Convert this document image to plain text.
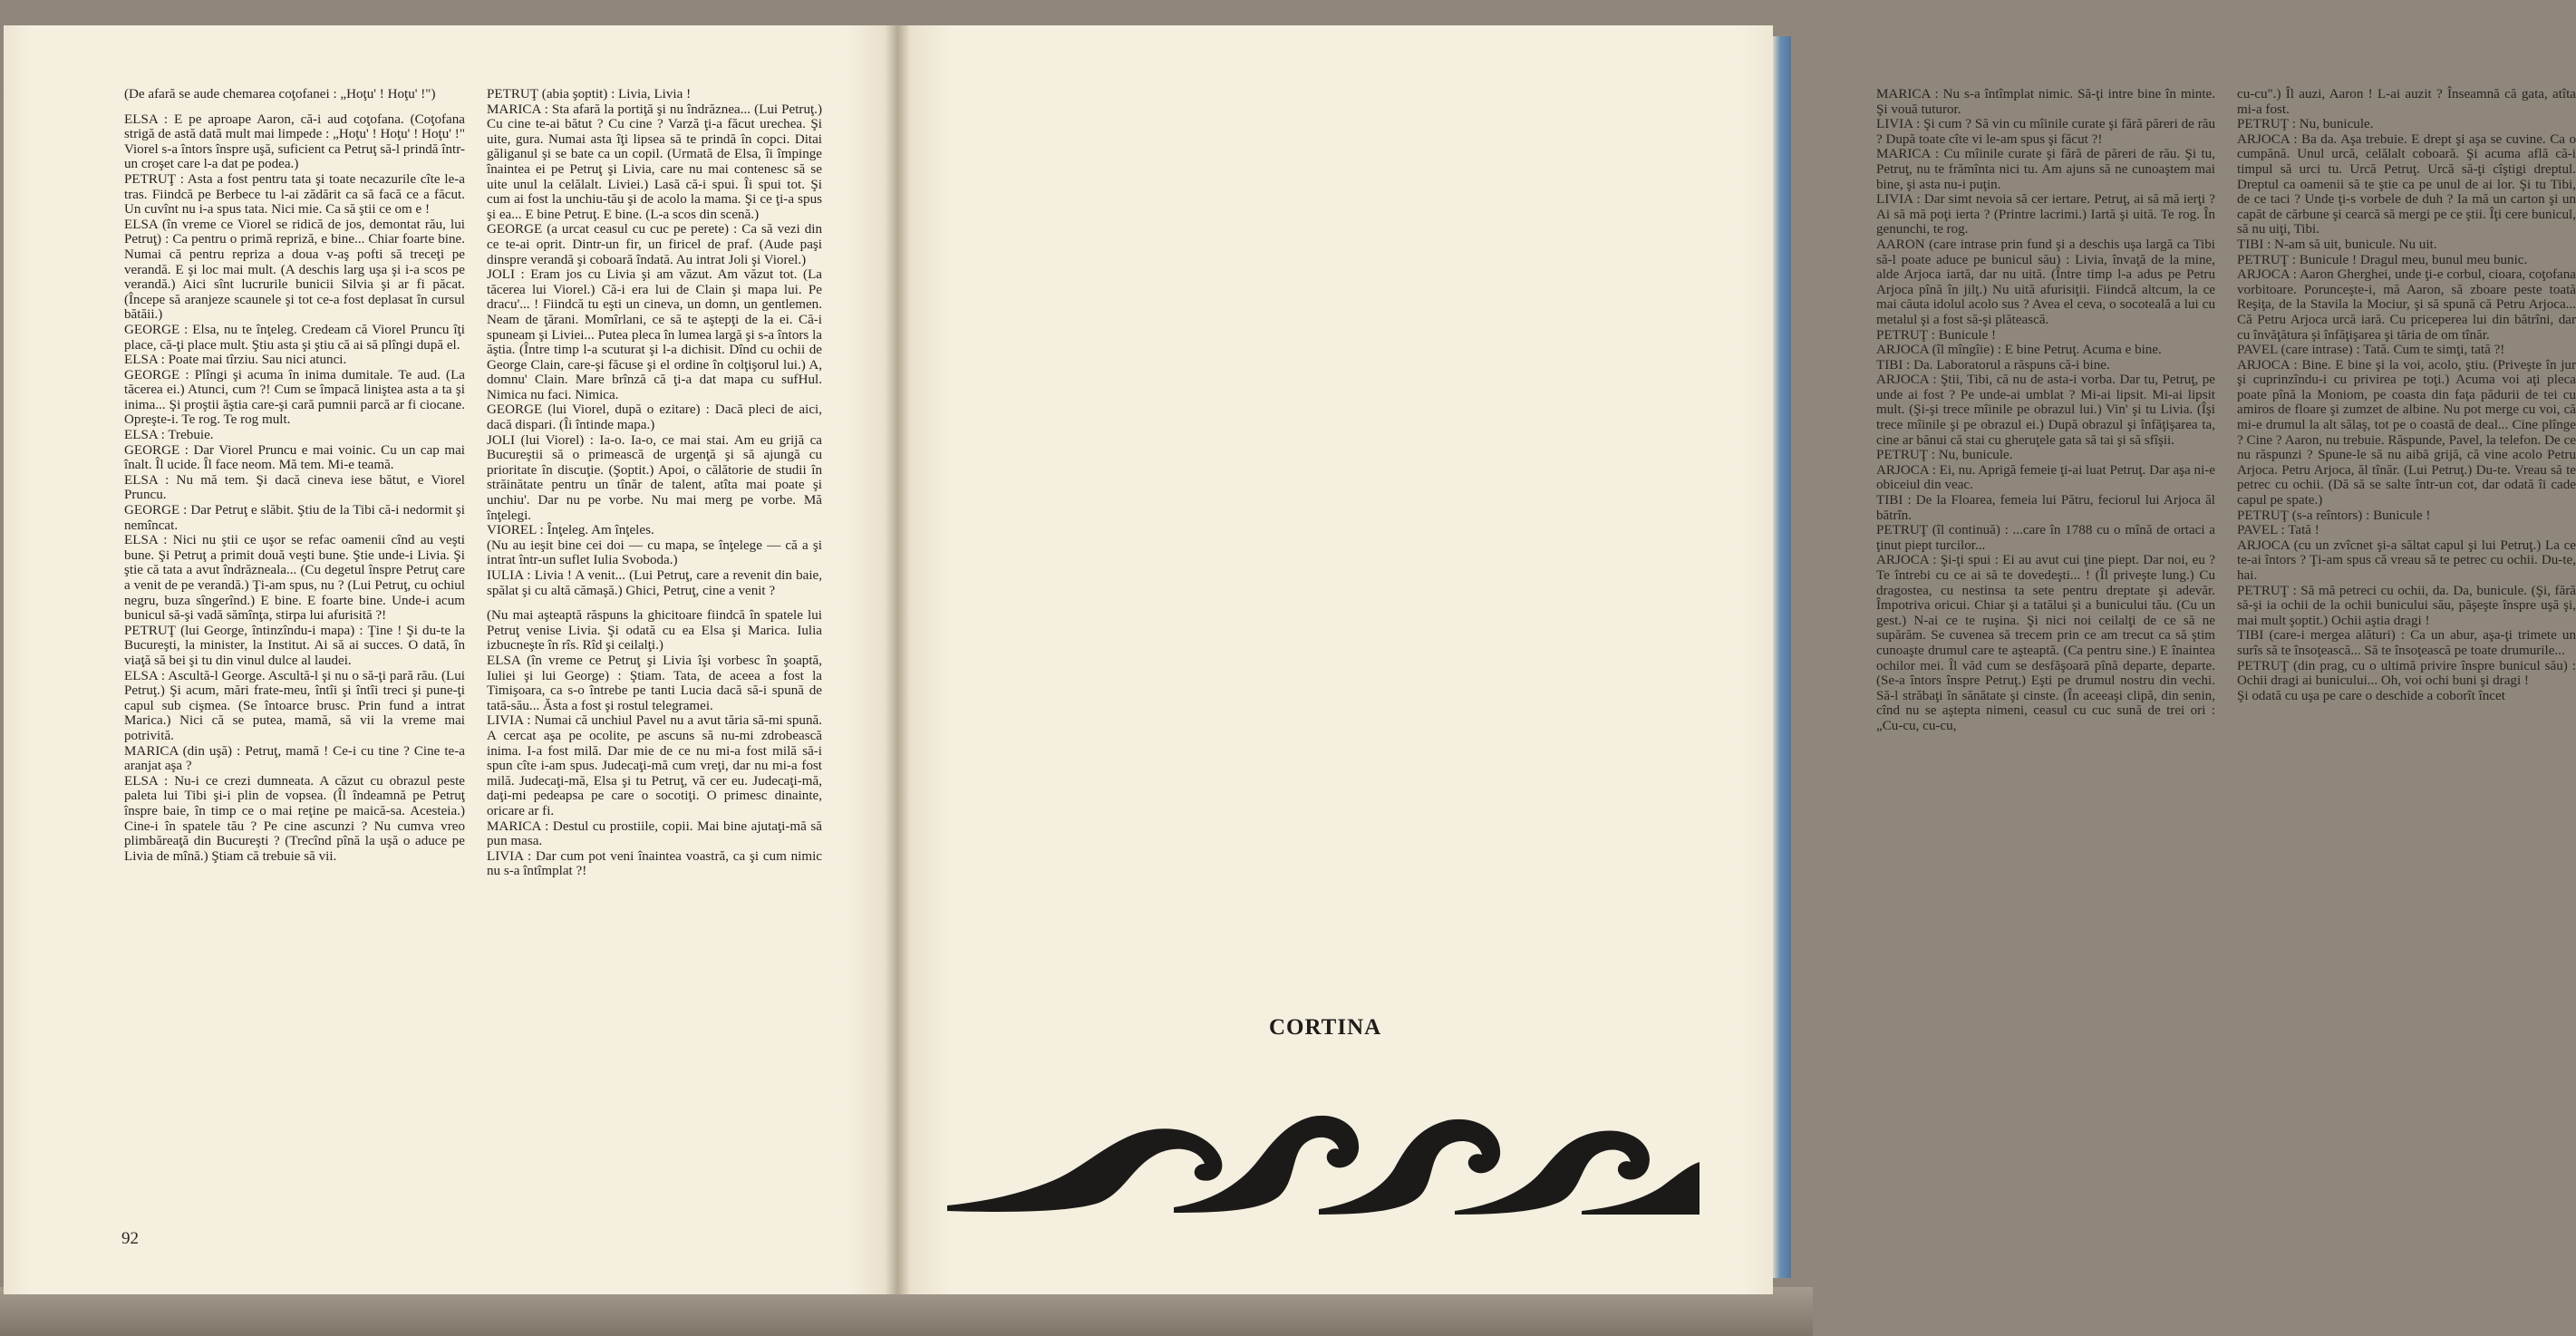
(De afară se aude chemarea coţofanei : „Hoţu' ! Hoţu' !")

ELSA : E pe aproape Aaron, că-i aud coţofana. (Coţofana strigă de astă dată mult mai limpede : „Hoţu' ! Hoţu' ! Hoţu' !" Viorel s-a întors înspre uşă, suficient ca Petruţ să-l prindă într-un croşet care l-a dat pe podea.)

PETRUŢ : Asta a fost pentru tata şi toate necazurile cîte le-a tras. Fiindcă pe Berbece tu l-ai zădărit ca să facă ce a făcut. Un cuvînt nu i-a spus tata. Nici mie. Ca să ştii ce om e !

ELSA (în vreme ce Viorel se ridică de jos, demontat rău, lui Petruţ) : Ca pentru o primă repriză, e bine... Chiar foarte bine. Numai că pentru repriza a doua v-aş pofti să treceţi pe verandă. E şi loc mai mult. (A deschis larg uşa şi i-a scos pe verandă.) Aici sînt lucrurile bunicii Silvia şi ar fi păcat. (Începe să aranjeze scaunele şi tot ce-a fost deplasat în cursul bătăii.)

GEORGE : Elsa, nu te înţeleg. Credeam că Viorel Pruncu îţi place, că-ţi place mult. Ştiu asta şi ştiu că ai să plîngi după el.

ELSA : Poate mai tîrziu. Sau nici atunci.

GEORGE : Plîngi şi acuma în inima dumitale. Te aud. (La tăcerea ei.) Atunci, cum ?! Cum se împacă liniştea asta a ta şi inima... Şi proştii ăştia care-şi cară pumnii parcă ar fi ciocane. Opreşte-i. Te rog. Te rog mult.

ELSA : Trebuie.

GEORGE : Dar Viorel Pruncu e mai voinic. Cu un cap mai înalt. Îl ucide. Îl face neom. Mă tem. Mi-e teamă.

ELSA : Nu mă tem. Şi dacă cineva iese bătut, e Viorel Pruncu.

GEORGE : Dar Petruţ e slăbit. Ştiu de la Tibi că-i nedormit şi nemîncat.

ELSA : Nici nu ştii ce uşor se refac oamenii cînd au veşti bune. Şi Petruţ a primit două veşti bune. Ştie unde-i Livia. Şi ştie că tata a avut îndrăzneala... (Cu degetul înspre Petruţ care a venit de pe verandă.) Ţi-am spus, nu ? (Lui Petruţ, cu ochiul negru, buza sîngerînd.) E bine. E foarte bine. Unde-i acum bunicul să-şi vadă sămînţa, stirpa lui afurisită ?!

PETRUŢ (lui George, întinzîndu-i mapa) : Ţine ! Şi du-te la Bucureşti, la minister, la Institut. Ai să ai succes. O dată, în viaţă să bei şi tu din vinul dulce al laudei.

ELSA : Ascultă-l George. Ascultă-l şi nu o să-ţi pară rău. (Lui Petruţ.) Şi acum, mări frate-meu, întîi şi întîi treci şi pune-ţi capul sub cişmea. (Se întoarce brusc. Prin fund a intrat Marica.) Nici că se putea, mamă, să vii la vreme mai potrivită.

MARICA (din uşă) : Petruţ, mamă ! Ce-i cu tine ? Cine te-a aranjat aşa ?

ELSA : Nu-i ce crezi dumneata. A căzut cu obrazul peste paleta lui Tibi şi-i plin de vopsea. (Îl îndeamnă pe Petruţ înspre baie, în timp ce o mai reţine pe maică-sa. Acesteia.) Cine-i în spatele tău ? Pe cine ascunzi ? Nu cumva vreo plimbăreaţă din Bucureşti ? (Trecînd pînă la uşă o aduce pe Livia de mînă.) Ştiam că trebuie să vii.

PETRUŢ (abia şoptit) : Livia, Livia !

MARICA : Sta afară la portiţă şi nu îndrăznea... (Lui Petruţ.) Cu cine te-ai bătut ? Cu cine ? Varză ţi-a făcut urechea. Şi uite, gura. Numai asta îţi lipsea să te prindă în copci. Ditai găliganul şi se bate ca un copil. (Urmată de Elsa, îi împinge înaintea ei pe Petruţ şi Livia, care nu mai contenesc să se uite unul la celălalt. Liviei.) Lasă că-i spui. Îi spui tot. Şi cum ai fost la unchiu-tău şi de acolo la mama. Şi ce ţi-a spus şi ea... E bine Petruţ. E bine. (L-a scos din scenă.)

GEORGE (a urcat ceasul cu cuc pe perete) : Ca să vezi din ce te-ai oprit. Dintr-un fir, un firicel de praf. (Aude paşi dinspre verandă şi coboară îndată. Au intrat Joli şi Viorel.)

JOLI : Eram jos cu Livia şi am văzut. Am văzut tot. (La tăcerea lui Viorel.) Că-i era lui de Clain şi mapa lui. Pe dracu'... ! Fiindcă tu eşti un cineva, un domn, un gentlemen. Neam de ţărani. Momîrlani, ce să te aştepţi de la ei. Că-i spuneam şi Liviei... Putea pleca în lumea largă şi s-a întors la ăştia. (Între timp l-a scuturat şi l-a dichisit. Dînd cu ochii de George Clain, care-şi făcuse şi el ordine în colţişorul lui.) A, domnu' Clain. Mare brînză că ţi-a dat mapa cu sufHul. Nimica nu faci. Nimica.

GEORGE (lui Viorel, după o ezitare) : Dacă pleci de aici, dacă dispari. (Îi întinde mapa.)

JOLI (lui Viorel) : Ia-o. Ia-o, ce mai stai. Am eu grijă ca Bucureştii să o primească de urgenţă şi să ajungă cu prioritate în discuţie. (Şoptit.) Apoi, o călătorie de studii în străinătate pentru un tînăr de talent, atîta mai poate şi unchiu'. Dar nu pe vorbe. Nu mai merg pe vorbe. Mă înţelegi.

VIOREL : Înţeleg. Am înţeles.

(Nu au ieşit bine cei doi — cu mapa, se înţelege — că a şi intrat într-un suflet Iulia Svoboda.)

IULIA : Livia ! A venit... (Lui Petruţ, care a revenit din baie, spălat şi cu altă cămaşă.) Ghici, Petruţ, cine a venit ?

(Nu mai aşteaptă răspuns la ghicitoare fiindcă în spatele lui Petruţ venise Livia. Şi odată cu ea Elsa şi Marica. Iulia izbucneşte în rîs. Rîd şi ceilalţi.)

ELSA (în vreme ce Petruţ şi Livia îşi vorbesc în şoaptă, Iuliei şi lui George) : Ştiam. Tata, de aceea a fost la Timişoara, ca s-o întrebe pe tanti Lucia dacă să-i spună de tată-său... Ăsta a fost şi rostul telegramei.

LIVIA : Numai că unchiul Pavel nu a avut tăria să-mi spună. A cercat aşa pe ocolite, pe ascuns să nu-mi zdrobească inima. I-a fost milă. Dar mie de ce nu mi-a fost milă să-i spun cîte i-am spus. Judecaţi-mă cum vreţi, dar nu mi-a fost milă. Judecaţi-mă, Elsa şi tu Petruţ, vă cer eu. Judecaţi-mă, daţi-mi pedeapsa pe care o socotiţi. O primesc dinainte, oricare ar fi.

MARICA : Destul cu prostiile, copii. Mai bine ajutaţi-mă să pun masa.

LIVIA : Dar cum pot veni înaintea voastră, ca şi cum nimic nu s-a întîmplat ?!

92

MARICA : Nu s-a întîmplat nimic. Să-ţi intre bine în minte. Şi vouă tuturor.

LIVIA : Şi cum ? Să vin cu mîinile curate şi fără păreri de rău ? După toate cîte vi le-am spus şi făcut ?!

MARICA : Cu mîinile curate şi fără de păreri de rău. Şi tu, Petruţ, nu te frămînta nici tu. Am ajuns să ne cunoaştem mai bine, şi asta nu-i puţin.

LIVIA : Dar simt nevoia să cer iertare. Petruţ, ai să mă ierţi ? Ai să mă poţi ierta ? (Printre lacrimi.) Iartă şi uită. Te rog. În genunchi, te rog.

AARON (care intrase prin fund şi a deschis uşa largă ca Tibi să-l poate aduce pe bunicul său) : Livia, învaţă de la mine, alde Arjoca iartă, dar nu uită. (Între timp l-a adus pe Petru Arjoca pînă în jilţ.) Nu uită afurisiţii. Fiindcă altcum, la ce mai căuta idolul acolo sus ? Avea el ceva, o socoteală a lui cu metalul şi a fost să-şi plătească.

PETRUŢ : Bunicule !

ARJOCA (îl mîngîie) : E bine Petruţ. Acuma e bine.

TIBI : Da. Laboratorul a răspuns că-i bine.

ARJOCA : Ştii, Tibi, că nu de asta-i vorba. Dar tu, Petruţ, pe unde ai fost ? Pe unde-ai umblat ? Mi-ai lipsit. Mi-ai lipsit mult. (Şi-şi trece mîinile pe obrazul lui.) Vin' şi tu Livia. (Îşi trece mîinile şi pe obrazul ei.) După obrazul şi înfăţişarea ta, cine ar bănui că stai cu gheruţele gata să tai şi să sfîşii.

PETRUŢ : Nu, bunicule.

ARJOCA : Ei, nu. Aprigă femeie ţi-ai luat Petruţ. Dar aşa ni-e obiceiul din veac.

TIBI : De la Floarea, femeia lui Pătru, feciorul lui Arjoca ăl bătrîn.

PETRUŢ (îl continuă) : ...care în 1788 cu o mînă de ortaci a ţinut piept turcilor...

ARJOCA : Şi-ţi spui : Ei au avut cui ţine piept. Dar noi, eu ? Te întrebi cu ce ai să te dovedeşti... ! (Îl priveşte lung.) Cu dragostea, cu nestinsa ta sete pentru dreptate şi adevăr. Împotriva oricui. Chiar şi a tatălui şi a bunicului tău. (Cu un gest.) N-ai ce te ruşina. Şi nici noi ceilalţi de ce să ne supărăm. Se cuvenea să trecem prin ce am trecut ca să ştim cunoaşte drumul care te aşteaptă. (Ca pentru sine.) E înaintea ochilor mei. Îl văd cum se desfăşoară pînă departe, departe. (Se-a întors înspre Petruţ.) Eşti pe drumul nostru din vechi. Să-l străbaţi în sănătate şi cinste. (În aceeaşi clipă, din senin, cînd nu se aştepta nimeni, ceasul cu cuc sună de trei ori : „Cu-cu, cu-cu,

cu-cu".) Îl auzi, Aaron ! L-ai auzit ? Înseamnă că gata, atîta mi-a fost.

PETRUŢ : Nu, bunicule.

ARJOCA : Ba da. Aşa trebuie. E drept şi aşa se cuvine. Ca o cumpănă. Unul urcă, celălalt coboară. Şi acuma află că-i timpul să urci tu. Urcă Petruţ. Urcă să-ţi cîştigi dreptul. Dreptul ca oamenii să te ştie ca pe unul de ai lor. Şi tu Tibi, de ce taci ? Unde ţi-s vorbele de duh ? Ia mă un carton şi un capăt de cărbune şi cearcă să mergi pe ce ştii. Îţi cere bunicul, să nu uiţi, Tibi.

TIBI : N-am să uit, bunicule. Nu uit.

PETRUŢ : Bunicule ! Dragul meu, bunul meu bunic.

ARJOCA : Aaron Gherghei, unde ţi-e corbul, cioara, coţofana vorbitoare. Porunceşte-i, mă Aaron, să zboare peste toată Reşiţa, de la Stavila la Mociur, şi să spună că Petru Arjoca... Că Petru Arjoca urcă iară. Cu priceperea lui din bătrîni, dar cu învăţătura şi înfăţişarea şi tăria de om tînăr.

PAVEL (care intrase) : Tată. Cum te simţi, tată ?!

ARJOCA : Bine. E bine şi la voi, acolo, ştiu. (Priveşte în jur şi cuprinzîndu-i cu privirea pe toţi.) Acuma voi aţi pleca poate pînă la Moniom, pe coasta din faţa pădurii de tei cu amiros de floare şi zumzet de albine. Nu pot merge cu voi, că mi-e drumul la alt sălaş, tot pe o coastă de deal... Cine plînge ? Cine ? Aaron, nu trebuie. Răspunde, Pavel, la telefon. De ce nu răspunzi ? Spune-le să nu aibă grijă, că vine acolo Petru Arjoca. Petru Arjoca, ăl tînăr. (Lui Petruţ.) Du-te. Vreau să te petrec cu ochii. (Dă să se salte într-un cot, dar odată îi cade capul pe spate.)

PETRUŢ (s-a reîntors) : Bunicule !

PAVEL : Tată !

ARJOCA (cu un zvîcnet şi-a săltat capul şi lui Petruţ.) La ce te-ai întors ? Ţi-am spus că vreau să te petrec cu ochii. Du-te, hai.

PETRUŢ : Să mă petreci cu ochii, da. Da, bunicule. (Şi, fără să-şi ia ochii de la ochii bunicului său, păşeşte înspre uşă şi, mai mult şoptit.) Ochii aştia dragi !

TIBI (care-i mergea alături) : Ca un abur, aşa-ţi trimete un surîs să te însoţească... Să te însoţească pe toate drumurile...

PETRUŢ (din prag, cu o ultimă privire înspre bunicul său) : Ochii dragi ai bunicului... Oh, voi ochi buni şi dragi !

Şi odată cu uşa pe care o deschide a coborît încet

CORTINA
